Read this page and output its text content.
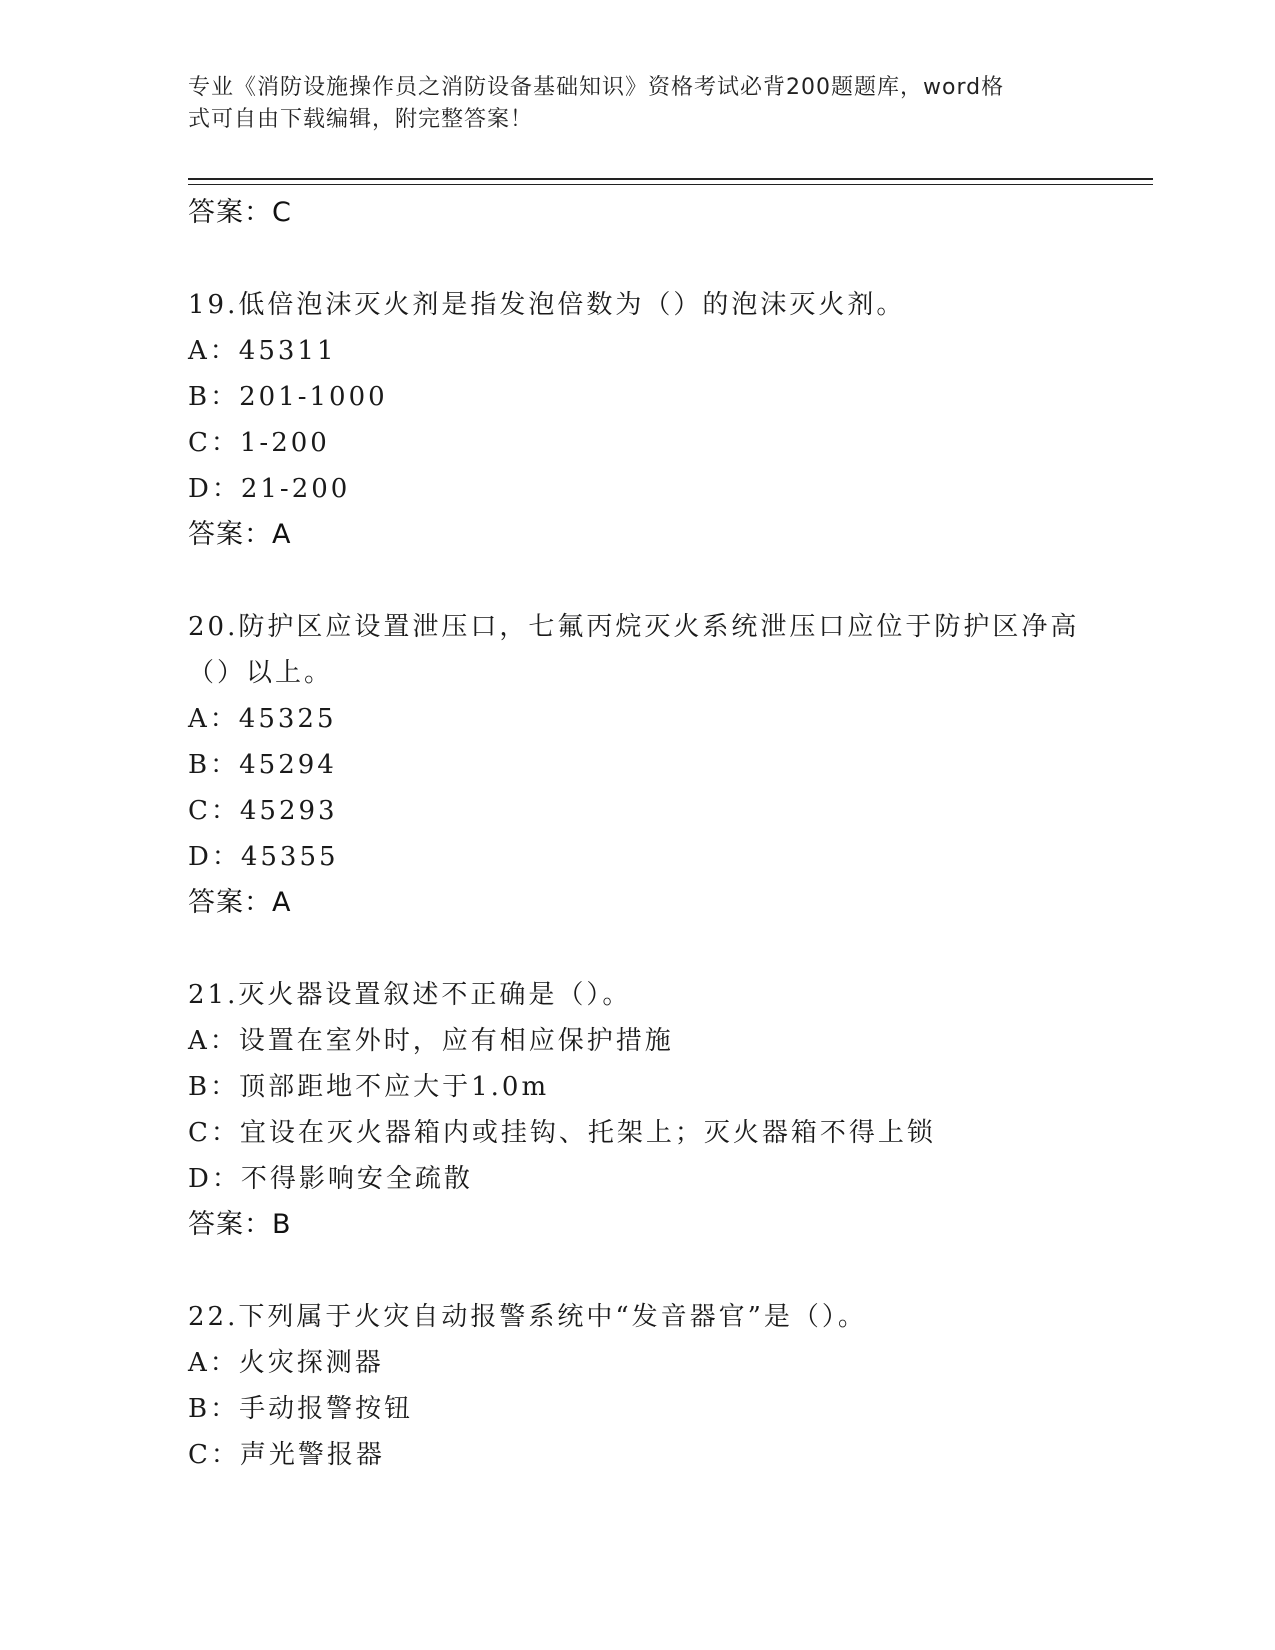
专业《消防设施操作员之消防设备基础知识》资格考试必背200题题库，word格
式可自由下载编辑，附完整答案！
答案：C
19.低倍泡沫灭火剂是指发泡倍数为（）的泡沫灭火剂。
A：45311
B：201-1000
C：1-200
D：21-200
答案：A
20.防护区应设置泄压口，七氟丙烷灭火系统泄压口应位于防护区净高
（）以上。
A：45325
B：45294
C：45293
D：45355
答案：A
21.灭火器设置叙述不正确是（）。
A：设置在室外时，应有相应保护措施
B：顶部距地不应大于1.0m
C：宜设在灭火器箱内或挂钩、托架上；灭火器箱不得上锁
D：不得影响安全疏散
答案：B
22.下列属于火灾自动报警系统中“发音器官”是（）。
A：火灾探测器
B：手动报警按钮
C：声光警报器
